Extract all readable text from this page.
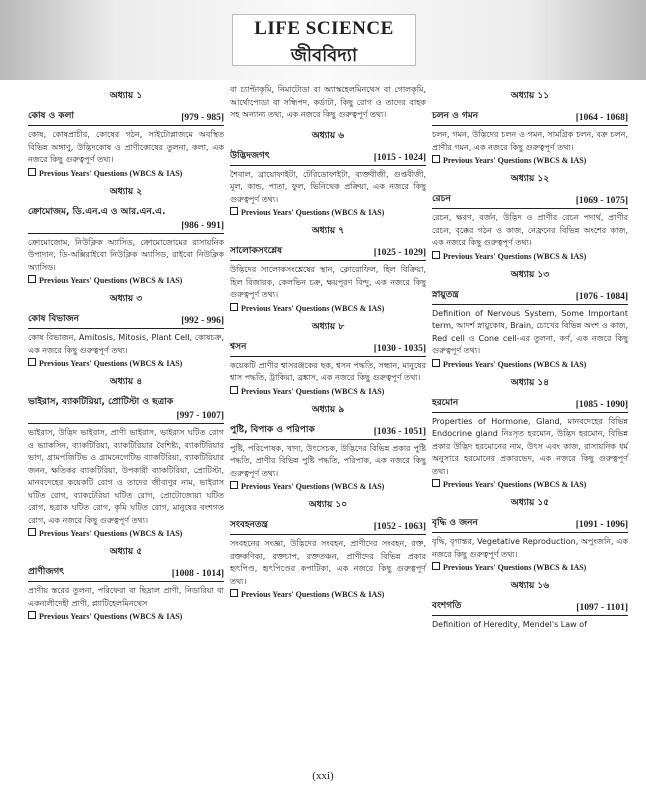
LIFE SCIENCE
জীববিদ্যা
অধ্যায় ১
কোষ ও কলা	[979 - 985]
কোষ, কোষপ্রাচীর, কোষের গঠন, সাইটোপ্লাজমে অবস্থিত বিভিন্ন অঙ্গাণু, উদ্ভিদকোষ ও প্রাণীকোষের তুলনা, কলা, এক নজরে কিছু গুরুত্বপূর্ণ তথ্য।
Previous Years' Questions (WBCS & IAS)
অধ্যায় ২
ক্রোমোজম, ডি.এন.এ ও আর.এন.এ.
[986 - 991]
ক্রোমোজোম, নিউক্লিক অ্যাসিড, ক্রোমোজোমের রাসায়নিক উপাদান, ডি-অক্সিরাইবো নিউক্লিক অ্যাসিড, রাইবো নিউক্লিক অ্যাসিড।
Previous Years' Questions (WBCS & IAS)
অধ্যায় ৩
কোষ বিভাজন	[992 - 996]
কোষ বিভাজন, Amitosis, Mitosis, Plant Cell, কোষচক্র, এক নজরে কিছু গুরুত্বপূর্ণ তথ্য।
Previous Years' Questions (WBCS & IAS)
অধ্যায় ৪
ভাইরাস, ব্যাকটিরিয়া, প্রোটিস্টা ও ছত্রাক
[997 - 1007]
ভাইরাস, উদ্ভিদ ভাইরাস, প্রাণী ভাইরাস, ভাইরাস ঘটিত রোগ ও ভ্যাকসিন, ব্যাকটিরিয়া, ব্যাকটিরিয়ার বৈশিষ্ট্য, ব্যাকটিরিয়ার ভাগ, গ্রামপজিটিভ ও গ্রামনেগেটিভ ব্যাকটিরিয়া, ব্যাকটিরিয়ার জনন, ক্ষতিকর ব্যাকটিরিয়া, উপকারী ব্যাকটিরিয়া, প্রোটিস্টা, মানবদেহের কয়েকটি রোগ ও তাদের জীবাণুর নাম, ভাইরাস ঘটিত রোগ, ব্যাকটেরিয়া ঘটিত রোগ, প্রোটোজোয়া ঘটিত রোগ, ছত্রাক ঘটিত রোগ, কৃমি ঘটিত রোগ, মানুষের বংশগত রোগ, এক নজরে কিছু গুরুত্বপূর্ণ তথ্য।
Previous Years' Questions (WBCS & IAS)
অধ্যায় ৫
প্রাণীজগৎ	[1008 - 1014]
প্রাণীয় স্তরের তুলনা, পরিফেরা বা ছিদ্রাল প্রাণী, নিডারিয়া বা একনালীদেহী প্রাণী, প্ল্যাটিহেলমিনথেস
Previous Years' Questions (WBCS & IAS)
বা চ্যাপ্টাকৃমি, নিমাটোডা বা অ্যাস্কহেলমিনথেস বা গোলকৃমি, আর্থোপোডা বা সন্ধিপদ, কর্ডাটা, কিছু রোগ ও তাদের বাহক সহ অন্যান্য তথ্য, এক নজরে কিছু গুরুত্বপূর্ণ তথ্য।
অধ্যায় ৬
উদ্ভিদজগৎ	[1015 - 1024]
শৈবাল, ব্রায়োফাইটা, টেরিডোফাইটা, ব্যক্তবীজী, গুপ্তবীজী, মূল, কান্ড, পাতা, ফুল, ভিনিথেক প্রক্রিয়া, এক নজরে কিছু গুরুত্বপূর্ণ তথ্য।
Previous Years' Questions (WBCS & IAS)
অধ্যায় ৭
সালোকসংশ্লেষ	[1025 - 1029]
উদ্ভিদের সালোকসংশ্লেষের স্থান, ক্লোরোফিল, হিল বিক্রিয়া, হিল বিজারক, কেলভিন চক্র, ক্ষয়পূরণ বিন্দু, এক নজরে কিছু গুরুত্বপূর্ণ তথ্য।
Previous Years' Questions (WBCS & IAS)
অধ্যায় ৮
শ্বসন	[1030 - 1035]
কয়েকটি প্রাণীর শ্বাসরঞ্জকের ছক, শ্বসন পদ্ধতি, সন্ধান, মানুষের শ্বাস পদ্ধতি, ট্রাকিয়া, ব্রঙ্কাস, এক নজরে কিছু গুরুত্বপূর্ণ তথ্য।
Previous Years' Questions (WBCS & IAS)
অধ্যায় ৯
পুষ্টি, বিপাক ও পরিপাক	[1036 - 1051]
পুষ্টি, পরিপোষক, খাদ্য, উৎসেচক, উদ্ভিদের বিভিন্ন প্রকার পুষ্টি পদ্ধতি, প্রাণীর বিভিন্ন পুষ্টি পদ্ধতি, পরিপাক, এক নজরে কিছু গুরুত্বপূর্ণ তথ্য।
Previous Years' Questions (WBCS & IAS)
অধ্যায় ১০
সংবহনতন্ত্র	[1052 - 1063]
সংবহনের সংজ্ঞা, উদ্ভিদের সংবহন, প্রাণীদের সংবহন, রক্ত, রক্তকণিকা, রক্তচাপ, রক্ততঞ্চন, প্রাণীদের বিভিন্ন প্রকার হৃৎপিণ্ড, হৃৎপিণ্ডের কপাটিকা, এক নজরে কিছু গুরুত্বপূর্ণ তথ্য।
Previous Years' Questions (WBCS & IAS)
অধ্যায় ১১
চলন ও গমন	[1064 - 1068]
চলন, গমন, উদ্ভিদের চলন ও গমন, সামগ্রিক চলন, বক্র চলন, প্রাণীর গমন, এক নজরে কিছু গুরুত্বপূর্ণ তথ্য।
Previous Years' Questions (WBCS & IAS)
অধ্যায় ১২
রেচন	[1069 - 1075]
রেচন, ক্ষরণ, বর্জন, উদ্ভিদ ও প্রাণীর রেচন পদার্থ, প্রাণীর রেচন, বৃক্কের গঠন ও কাজ, নেফ্রনের বিভিন্ন অংশের কাজ, এক নজরে কিছু গুরুত্বপূর্ণ তথ্য।
Previous Years' Questions (WBCS & IAS)
অধ্যায় ১৩
স্নায়ুতন্ত্র	[1076 - 1084]
Definition of Nervous System, Some Important term, আদর্শ স্নায়ুকোষ, Brain, চোখের বিভিন্ন অংশ ও কাজ, Red cell ও Cone cell-এর তুলনা, কর্ণ, এক নজরে কিছু গুরুত্বপূর্ণ তথ্য।
Previous Years' Questions (WBCS & IAS)
অধ্যায় ১৪
হরমোন	[1085 - 1090]
Properties of Hormone, Gland, মানবদেহের বিভিন্ন Endocrine gland নিঃসৃত হরমোন, উদ্ভিদ হরমোন, বিভিন্ন প্রকার উদ্ভিদ হরমোনের নাম, উৎস এবং কাজ, রাসায়নিক ধর্ম অনুসারে হরমোনের প্রকারভেদ, এক নজরে কিছু গুরুত্বপূর্ণ তথ্য।
Previous Years' Questions (WBCS & IAS)
অধ্যায় ১৫
বৃদ্ধি ও জনন	[1091 - 1096]
বৃদ্ধি, বৃগান্তর, Vegetative Reproduction, অপুংজনি, এক নজরে কিছু গুরুত্বপূর্ণ তথ্য।
Previous Years' Questions (WBCS & IAS)
অধ্যায় ১৬
বংশগতি	[1097 - 1101]
Definition of Heredity, Mendel's Law of
(xxi)
